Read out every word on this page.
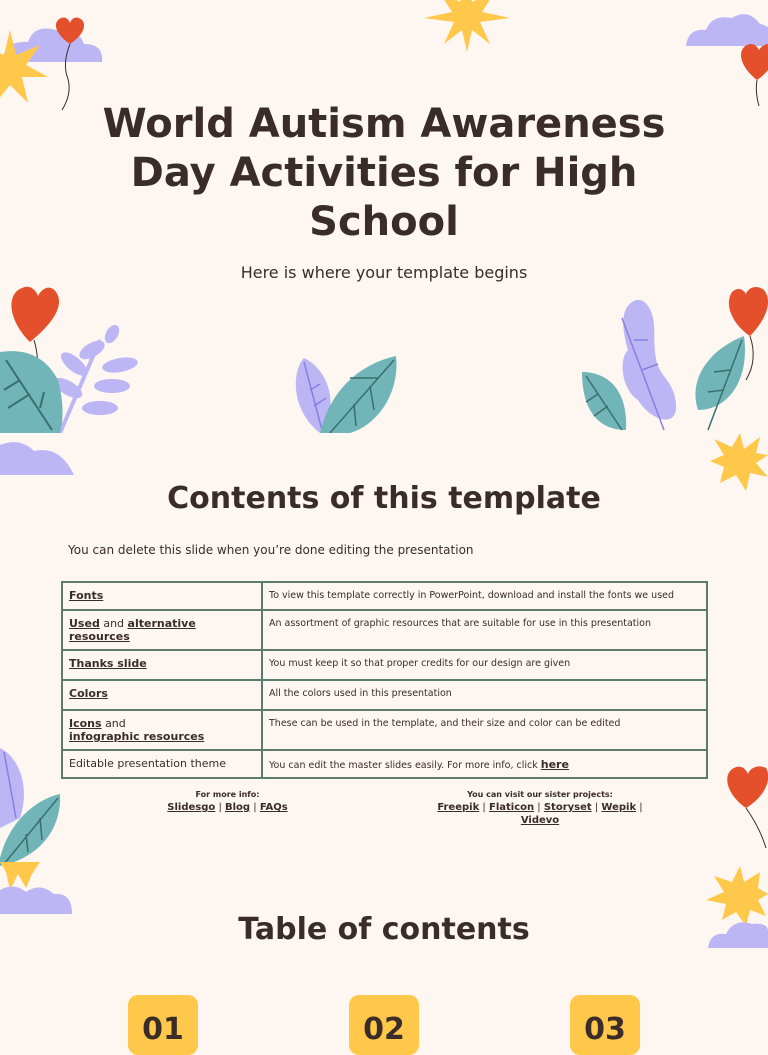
World Autism Awareness Day Activities for High School

Here is where your template begins

Contents of this template

You can delete this slide when you’re done editing the presentation

Fonts	To view this template correctly in PowerPoint, download and install the fonts we used
Used and alternative resources	An assortment of graphic resources that are suitable for use in this presentation
Thanks slide	You must keep it so that proper credits for our design are given
Colors	All the colors used in this presentation
Icons and
infographic resources	These can be used in the template, and their size and color can be edited
Editable presentation theme	You can edit the master slides easily. For more info, click here
For more info:
Slidesgo | Blog | FAQs
You can visit our sister projects:
Freepik | Flaticon | Storyset | Wepik |
Videvo
Table of contents
01	02	03
